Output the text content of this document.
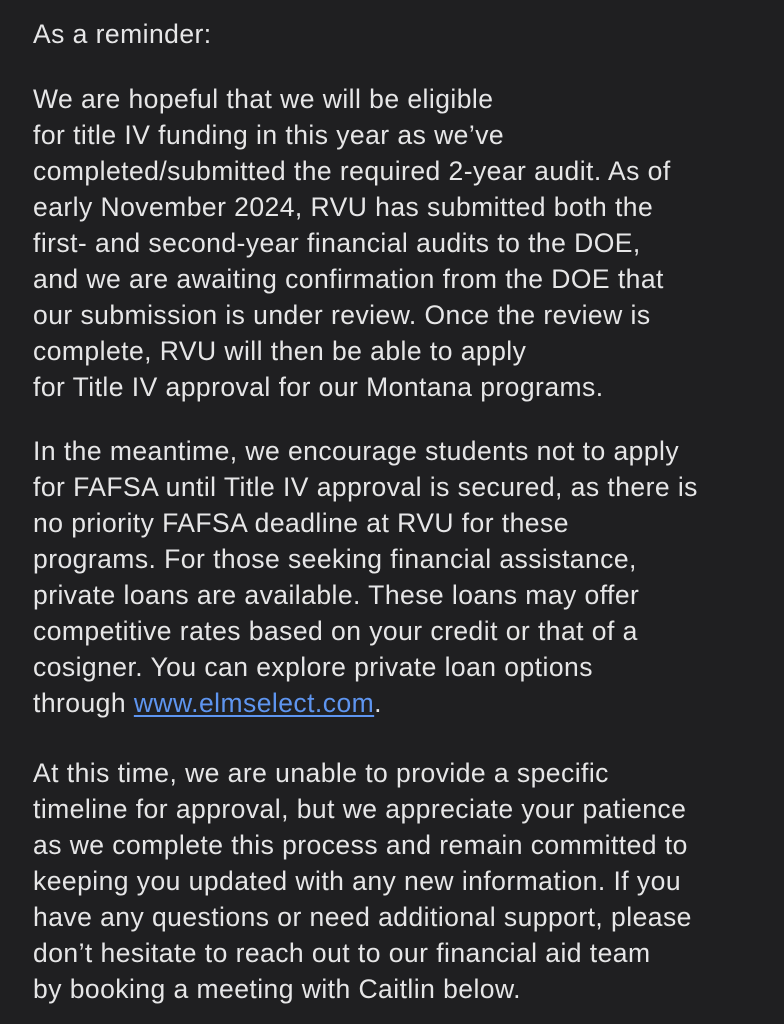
As a reminder:
We are hopeful that we will be eligible
for title IV funding in this year as we’ve
completed/submitted the required 2-year audit. As of
early November 2024, RVU has submitted both the
first- and second-year financial audits to the DOE,
and we are awaiting confirmation from the DOE that
our submission is under review. Once the review is
complete, RVU will then be able to apply
for Title IV approval for our Montana programs.
In the meantime, we encourage students not to apply
for FAFSA until Title IV approval is secured, as there is
no priority FAFSA deadline at RVU for these
programs. For those seeking financial assistance,
private loans are available. These loans may offer
competitive rates based on your credit or that of a
cosigner. You can explore private loan options
through www.elmselect.com.
At this time, we are unable to provide a specific
timeline for approval, but we appreciate your patience
as we complete this process and remain committed to
keeping you updated with any new information. If you
have any questions or need additional support, please
don’t hesitate to reach out to our financial aid team
by booking a meeting with Caitlin below.
